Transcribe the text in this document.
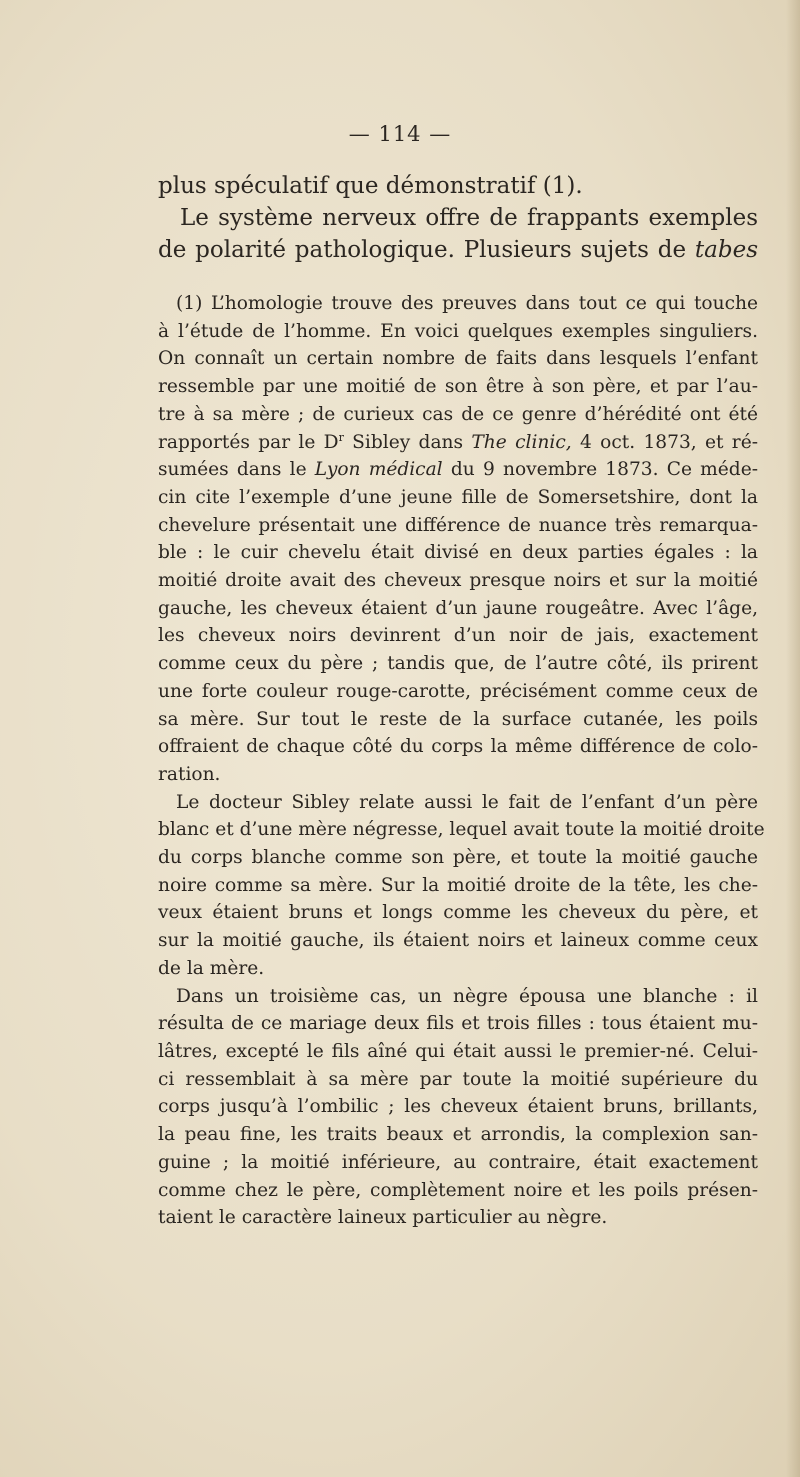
— 114 —
plus spéculatif que démonstratif (1).
Le système nerveux offre de frappants exemples
de polarité pathologique. Plusieurs sujets de tabes
(1) L’homologie trouve des preuves dans tout ce qui touche
à l’étude de l’homme. En voici quelques exemples singuliers.
On connaît un certain nombre de faits dans lesquels l’enfant
ressemble par une moitié de son être à son père, et par l’au-
tre à sa mère ; de curieux cas de ce genre d’hérédité ont été
rapportés par le $D^r$ Sibley dans The clinic, 4 oct. 1873, et ré-
sumées dans le Lyon médical du 9 novembre 1873. Ce méde-
cin cite l’exemple d’une jeune fille de Somersetshire, dont la
chevelure présentait une différence de nuance très remarqua-
ble : le cuir chevelu était divisé en deux parties égales : la
moitié droite avait des cheveux presque noirs et sur la moitié
gauche, les cheveux étaient d’un jaune rougeâtre. Avec l’âge,
les cheveux noirs devinrent d’un noir de jais, exactement
comme ceux du père ; tandis que, de l’autre côté, ils prirent
une forte couleur rouge-carotte, précisément comme ceux de
sa mère. Sur tout le reste de la surface cutanée, les poils
offraient de chaque côté du corps la même différence de colo-
ration.
Le docteur Sibley relate aussi le fait de l’enfant d’un père
blanc et d’une mère négresse, lequel avait toute la moitié droite
du corps blanche comme son père, et toute la moitié gauche
noire comme sa mère. Sur la moitié droite de la tête, les che-
veux étaient bruns et longs comme les cheveux du père, et
sur la moitié gauche, ils étaient noirs et laineux comme ceux
de la mère.
Dans un troisième cas, un nègre épousa une blanche : il
résulta de ce mariage deux fils et trois filles : tous étaient mu-
lâtres, excepté le fils aîné qui était aussi le premier-né. Celui-
ci ressemblait à sa mère par toute la moitié supérieure du
corps jusqu’à l’ombilic ; les cheveux étaient bruns, brillants,
la peau fine, les traits beaux et arrondis, la complexion san-
guine ; la moitié inférieure, au contraire, était exactement
comme chez le père, complètement noire et les poils présen-
taient le caractère laineux particulier au nègre.
